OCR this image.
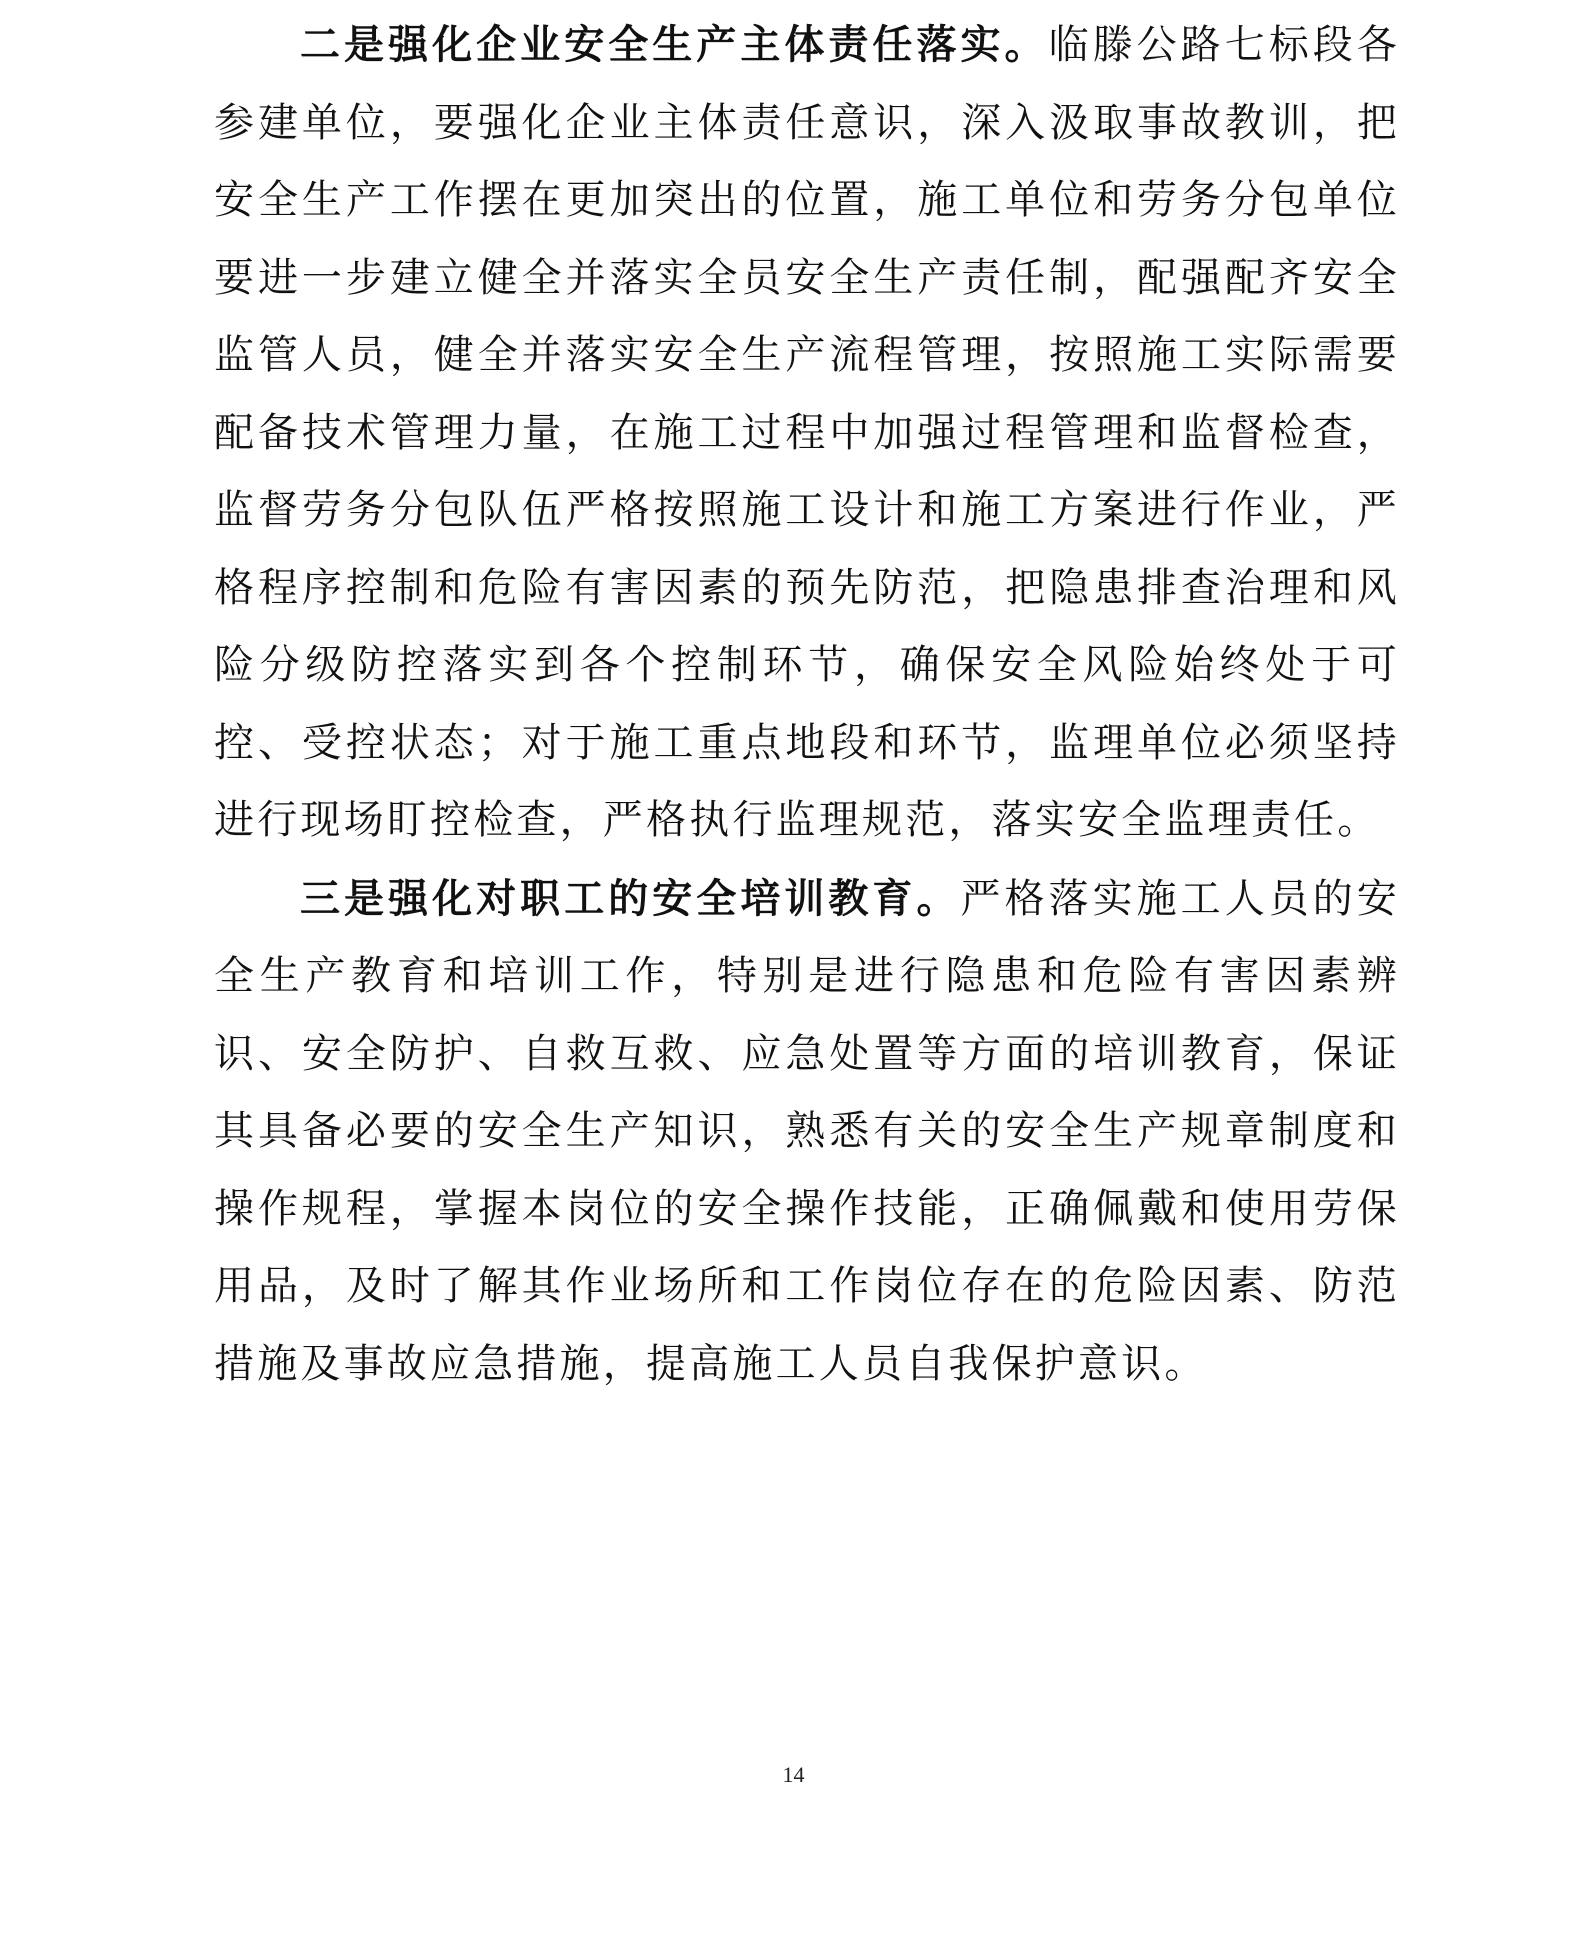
二是强化企业安全生产主体责任落实。临滕公路七标段各参建单位，要强化企业主体责任意识，深入汲取事故教训，把安全生产工作摆在更加突出的位置，施工单位和劳务分包单位要进一步建立健全并落实全员安全生产责任制，配强配齐安全监管人员，健全并落实安全生产流程管理，按照施工实际需要配备技术管理力量，在施工过程中加强过程管理和监督检查，监督劳务分包队伍严格按照施工设计和施工方案进行作业，严格程序控制和危险有害因素的预先防范，把隐患排查治理和风险分级防控落实到各个控制环节，确保安全风险始终处于可控、受控状态；对于施工重点地段和环节，监理单位必须坚持进行现场盯控检查，严格执行监理规范，落实安全监理责任。

三是强化对职工的安全培训教育。严格落实施工人员的安全生产教育和培训工作，特别是进行隐患和危险有害因素辨识、安全防护、自救互救、应急处置等方面的培训教育，保证其具备必要的安全生产知识，熟悉有关的安全生产规章制度和操作规程，掌握本岗位的安全操作技能，正确佩戴和使用劳保用品，及时了解其作业场所和工作岗位存在的危险因素、防范措施及事故应急措施，提高施工人员自我保护意识。

14
